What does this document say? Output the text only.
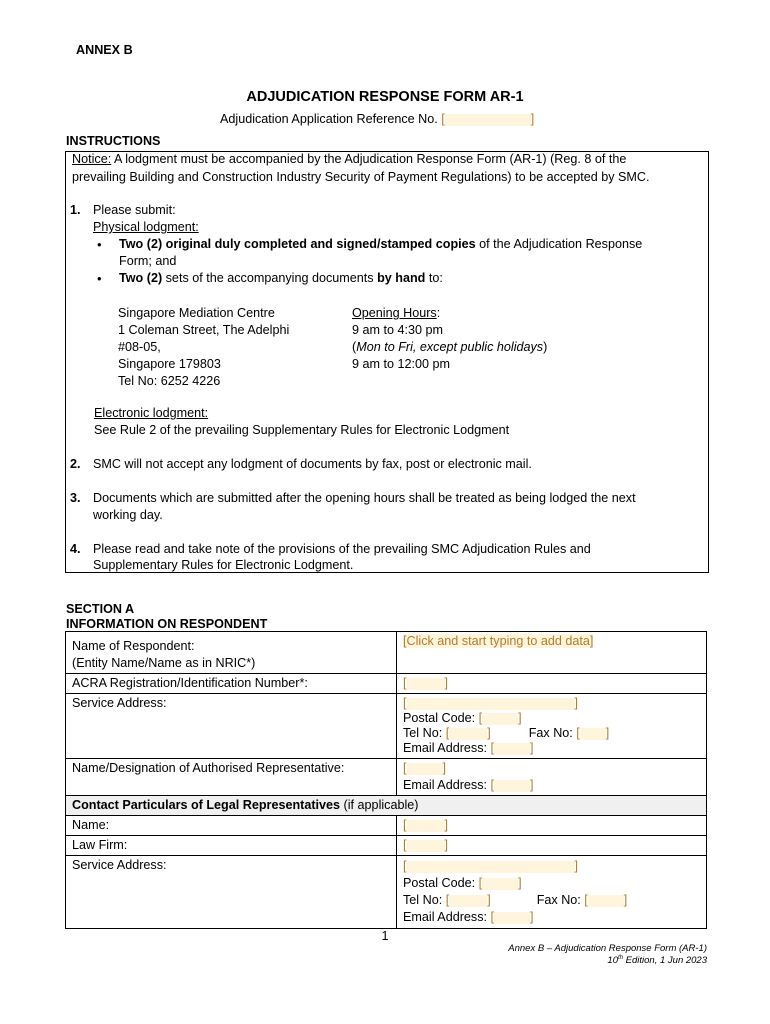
ANNEX B
ADJUDICATION RESPONSE FORM AR-1
Adjudication Application Reference No. [	]
INSTRUCTIONS
Notice: A lodgment must be accompanied by the Adjudication Response Form (AR-1) (Reg. 8 of the
prevailing Building and Construction Industry Security of Payment Regulations) to be accepted by SMC.
1. Please submit:
Physical lodgment:
• Two (2) original duly completed and signed/stamped copies of the Adjudication Response
Form; and
• Two (2) sets of the accompanying documents by hand to:
Singapore Mediation Centre
1 Coleman Street, The Adelphi
#08-05,
Singapore 179803
Tel No: 6252 4226
Opening Hours:
9 am to 4:30 pm
(Mon to Fri, except public holidays)
9 am to 12:00 pm
Electronic lodgment:
See Rule 2 of the prevailing Supplementary Rules for Electronic Lodgment
2. SMC will not accept any lodgment of documents by fax, post or electronic mail.
3. Documents which are submitted after the opening hours shall be treated as being lodged the next
working day.
4. Please read and take note of the provisions of the prevailing SMC Adjudication Rules and
Supplementary Rules for Electronic Lodgment.
SECTION A
INFORMATION ON RESPONDENT
Name of Respondent:
(Entity Name/Name as in NRIC*)	[Click and start typing to add data]
ACRA Registration/Identification Number*:	[ ]
Service Address:	[ ]
Postal Code: [ ]
Tel No: [ ] Fax No: [ ]
Email Address: [ ]

Name/Designation of Authorised Representative:	[ ]
Email Address: [ ]

Contact Particulars of Legal Representatives (if applicable)	
Name:	[ ]
Law Firm:	[ ]
Service Address:	[ ]
Postal Code: [ ]
Tel No: [ ] Fax No: [ ]
Email Address: [ ]
1
Annex B – Adjudication Response Form (AR-1)
10th Edition, 1 Jun 2023
